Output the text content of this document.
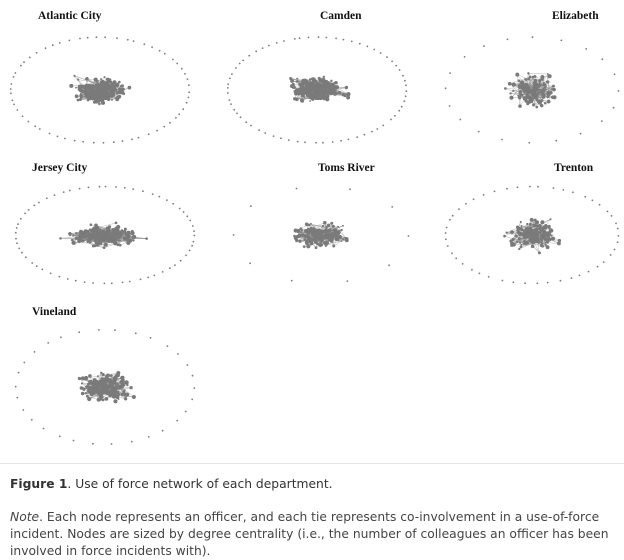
Atlantic City	Camden	Elizabeth
Jersey City	Toms River	Trenton
Vineland
Figure 1. Use of force network of each department.
Note. Each node represents an officer, and each tie represents co-involvement in a use-of-force incident. Nodes are sized by degree centrality (i.e., the number of colleagues an officer has been involved in force incidents with).
